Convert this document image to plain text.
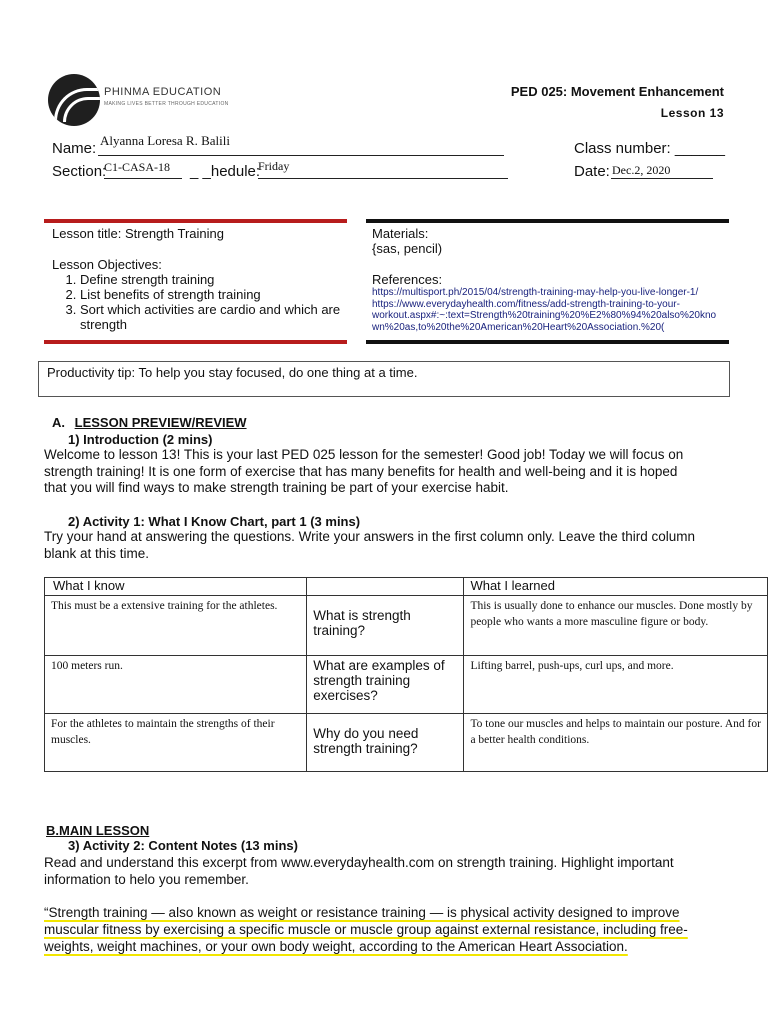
PHINMA EDUCATION
MAKING LIVES BETTER THROUGH EDUCATION
PED 025: Movement Enhancement
Lesson 13
Name: Alyanna Loresa R. Balili
Section:
C1-CASA-18 _ _hedule:
Friday
Class number: ______
Date: Dec.2, 2020
Lesson title: Strength Training
Lesson Objectives:
1. Define strength training
2. List benefits of strength training
3. Sort which activities are cardio and which are strength
Materials:
{sas, pencil)
References:
https://multisport.ph/2015/04/strength-training-may-help-you-live-longer-1/
https://www.everydayhealth.com/fitness/add-strength-training-to-your-
workout.aspx#:~:text=Strength%20training%20%E2%80%94%20also%20kno
wn%20as,to%20the%20American%20Heart%20Association.%20(
Productivity tip: To help you stay focused, do one thing at a time.
A. LESSON PREVIEW/REVIEW
1) Introduction (2 mins)
Welcome to lesson 13! This is your last PED 025 lesson for the semester! Good job! Today we will focus on
strength training! It is one form of exercise that has many benefits for health and well-being and it is hoped
that you will find ways to make strength training be part of your exercise habit.
2) Activity 1: What I Know Chart, part 1 (3 mins)
Try your hand at answering the questions. Write your answers in the first column only. Leave the third column
blank at this time.
What I know		What I learned

This must be a extensive training for the athletes.	What is strength training?	This is usually done to enhance our muscles. Done mostly by people who wants a more masculine figure or body.

100 meters run.	What are examples of strength training exercises?	Lifting barrel, push-ups, curl ups, and more.

For the athletes to maintain the strengths of their muscles.	Why do you need strength training?	To tone our muscles and helps to maintain our posture. And for a better health conditions.
B.MAIN LESSON
3) Activity 2: Content Notes (13 mins)
Read and understand this excerpt from www.everydayhealth.com on strength training. Highlight important
information to helo you remember.
“Strength training — also known as weight or resistance training — is physical activity designed to improve
muscular fitness by exercising a specific muscle or muscle group against external resistance, including free-
weights, weight machines, or your own body weight, according to the American Heart Association.
